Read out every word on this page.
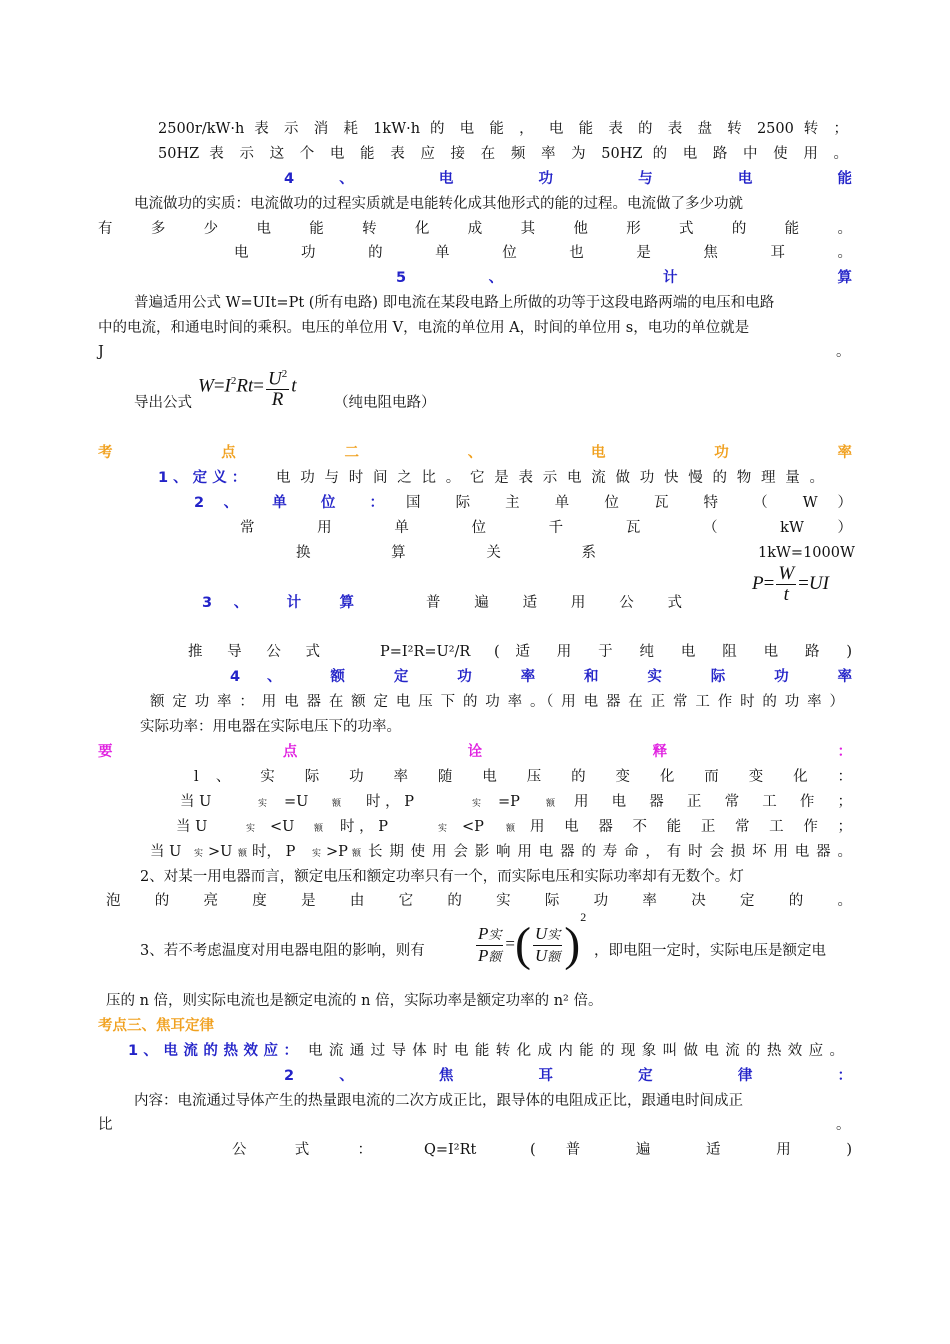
2500r/kW·h 表 示 消 耗 1kW·h 的 电 能 ， 电 能 表 的 表 盘 转 2500 转 ；
50HZ 表 示 这 个 电 能 表 应 接 在 频 率 为 50HZ 的 电 路 中 使 用 。
4 、 电 功 与 电 能
电流做功的实质：电流做功的过程实质就是电能转化成其他形式的能的过程。电流做了多少功就
有 多 少 电 能 转 化 成 其 他 形 式 的 能 。
电 功 的 单 位 也 是 焦 耳 。
5 、 计 算
普遍适用公式 W=UIt=Pt (所有电路) 即电流在某段电路上所做的功等于这段电路两端的电压和电路
中的电流，和通电时间的乘积。电压的单位用 V，电流的单位用 A，时间的单位用 s，电功的单位就是
J	。
导出公式
$W=I^2Rt= \frac{U^2}{R}$ t
（纯电阻电路）
考 点 二 、 电 功 率
1 、 定 义 ：	电 功 与 时 间 之 比 。 它 是 表 示 电 流 做 功 快 慢 的 物 理 量 。
2 、 单 位 ： 国 际 主 单 位 瓦 特 （ W ）
常 用 单 位 千 瓦 （ kW ）
换 算 关 系	1kW=1000W
3 、 计 算	普 遍 适 用 公 式
$P= \frac{W}{t} =UI$
推 导 公 式	P=I²R=U²/R	( 适 用 于 纯 电 阻 电 路 )
4 、 额 定 功 率 和 实 际 功 率
额 定 功 率 ： 用 电 器 在 额 定 电 压 下 的 功 率 。（ 用 电 器 在 正 常 工 作 时 的 功 率 ）
实际功率：用电器在实际电压下的功率。
要 点 诠 释 ：
l 、 实 际 功 率 随 电 压 的 变 化 而 变 化 ：
当 U	实 =U	额 时 ， P	实 =P	额 用 电 器 正 常 工 作 ；
当 U	实 <U 额 时 ， P	实 <P 额 用 电 器 不 能 正 常 工 作 ；
当 U 实 >U 额 时， P 实 >P 额 长 期 使 用 会 影 响 用 电 器 的 寿 命 ， 有 时 会 损 坏 用 电 器 。
2、对某一用电器而言，额定电压和额定功率只有一个，而实际电压和实际功率却有无数个。灯
泡 的 亮 度 是 由 它 的 实 际 功 率 决 定 的 。
3、若不考虑温度对用电器电阻的影响，则有	$\frac{\text{P实}}{\text{P额}}$ =( $\frac{\text{U实}}{\text{U额}} )^2$
，即电阻一定时，实际电压是额定电
压的 n 倍，则实际电流也是额定电流的 n 倍，实际功率是额定功率的 n² 倍。
考点三、焦耳定律
1 、 电 流 的 热 效 应 ： 电 流 通 过 导 体 时 电 能 转 化 成 内 能 的 现 象 叫 做 电 流 的 热 效 应 。
2 、 焦 耳 定 律 ：
内容：电流通过导体产生的热量跟电流的二次方成正比，跟导体的电阻成正比，跟通电时间成正
比	。
公 式 ：	Q=I²Rt	( 普 遍 适 用 )
